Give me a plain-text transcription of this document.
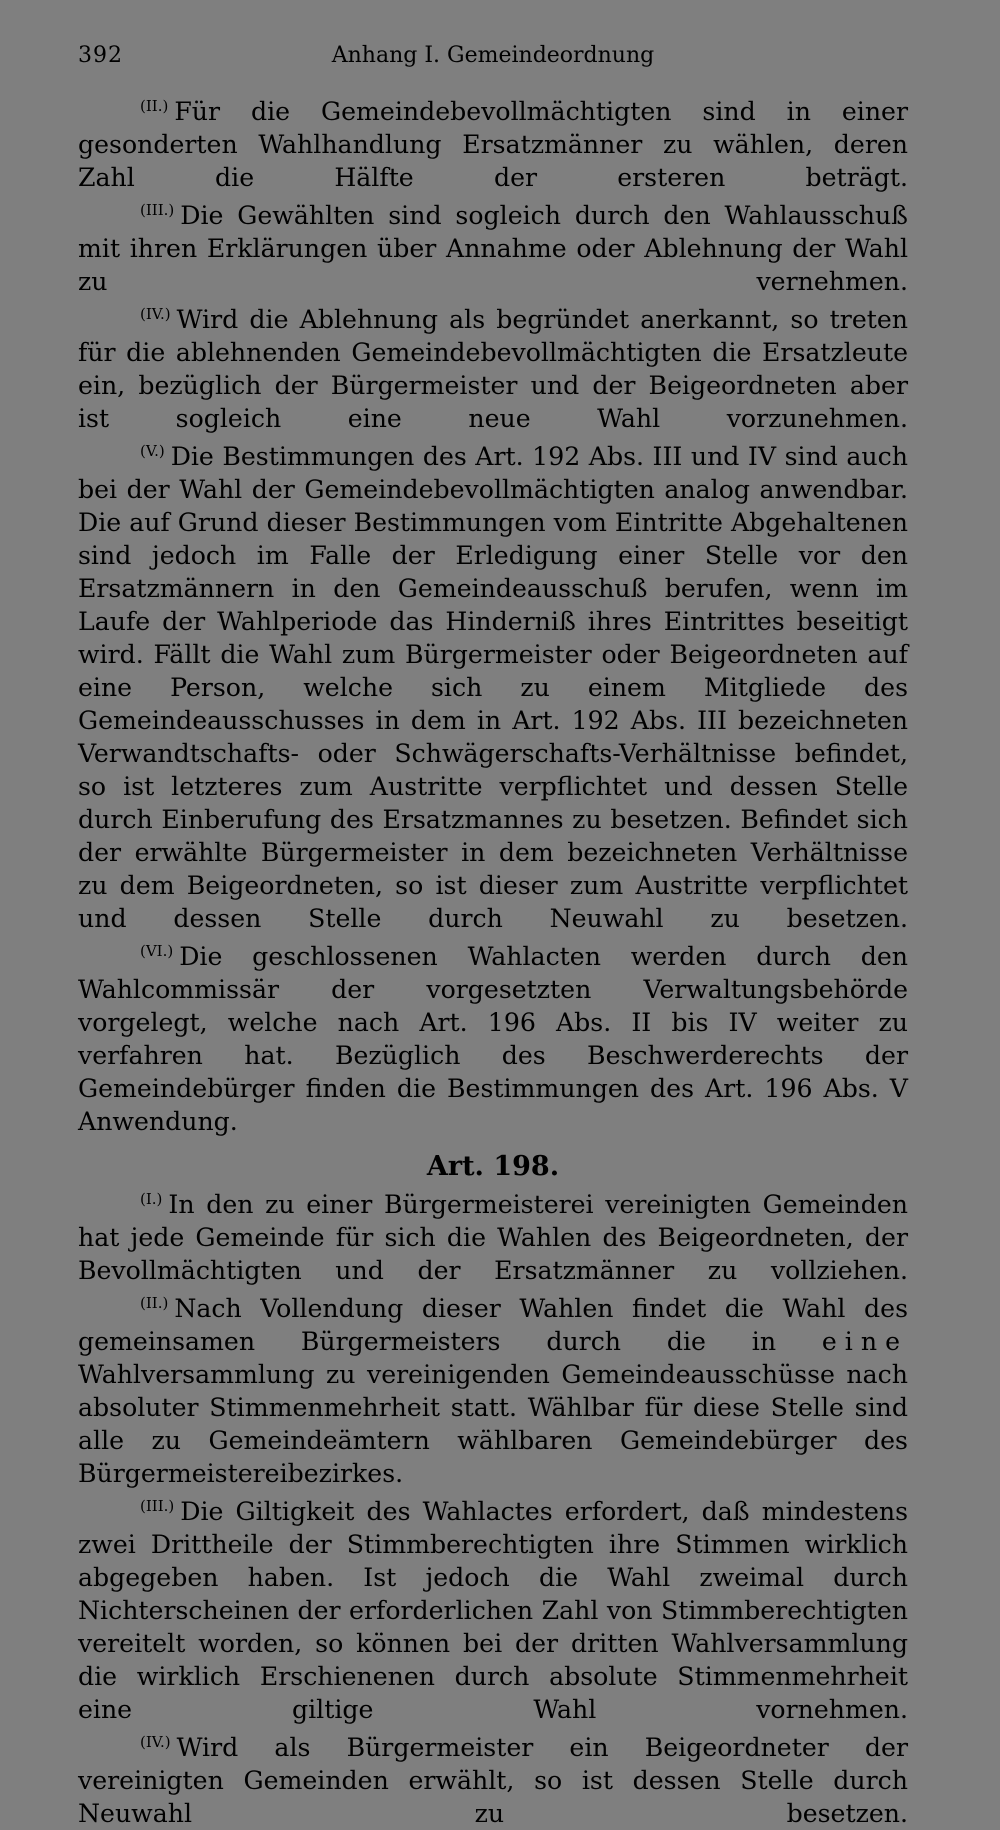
392	Anhang I. Gemeindeordnung

$^{(II.)}$ Für die Gemeindebevollmächtigten sind in einer gesonderten Wahlhandlung Ersatzmänner zu wählen, deren Zahl die Hälfte der ersteren beträgt.

$^{(III.)}$ Die Gewählten sind sogleich durch den Wahlausschuß mit ihren Erklärungen über Annahme oder Ablehnung der Wahl zu vernehmen.

$^{(IV.)}$ Wird die Ablehnung als begründet anerkannt, so treten für die ablehnenden Gemeindebevollmächtigten die Ersatzleute ein, bezüglich der Bürgermeister und der Beigeordneten aber ist sogleich eine neue Wahl vorzunehmen.

$^{(V.)}$ Die Bestimmungen des Art. 192 Abs. III und IV sind auch bei der Wahl der Gemeindebevollmächtigten analog anwendbar. Die auf Grund dieser Bestimmungen vom Eintritte Abgehaltenen sind jedoch im Falle der Erledigung einer Stelle vor den Ersatzmännern in den Gemeindeausschuß berufen, wenn im Laufe der Wahlperiode das Hinderniß ihres Eintrittes beseitigt wird. Fällt die Wahl zum Bürgermeister oder Beigeordneten auf eine Person, welche sich zu einem Mitgliede des Gemeindeausschusses in dem in Art. 192 Abs. III bezeichneten Verwandtschafts- oder Schwägerschafts-Verhältnisse befindet, so ist letzteres zum Austritte verpflichtet und dessen Stelle durch Einberufung des Ersatzmannes zu besetzen. Befindet sich der erwählte Bürgermeister in dem bezeichneten Verhältnisse zu dem Beigeordneten, so ist dieser zum Austritte verpflichtet und dessen Stelle durch Neuwahl zu besetzen.

$^{(VI.)}$ Die geschlossenen Wahlacten werden durch den Wahlcommissär der vorgesetzten Verwaltungsbehörde vorgelegt, welche nach Art. 196 Abs. II bis IV weiter zu verfahren hat. Bezüglich des Beschwerderechts der Gemeindebürger finden die Bestimmungen des Art. 196 Abs. V Anwendung.

Art. 198.

$^{(I.)}$ In den zu einer Bürgermeisterei vereinigten Gemeinden hat jede Gemeinde für sich die Wahlen des Beigeordneten, der Bevollmächtigten und der Ersatzmänner zu vollziehen.

$^{(II.)}$ Nach Vollendung dieser Wahlen findet die Wahl des gemeinsamen Bürgermeisters durch die in eine Wahlversammlung zu vereinigenden Gemeindeausschüsse nach absoluter Stimmenmehrheit statt. Wählbar für diese Stelle sind alle zu Gemeindeämtern wählbaren Gemeindebürger des Bürgermeistereibezirkes.

$^{(III.)}$ Die Giltigkeit des Wahlactes erfordert, daß mindestens zwei Drittheile der Stimmberechtigten ihre Stimmen wirklich abgegeben haben. Ist jedoch die Wahl zweimal durch Nichterscheinen der erforderlichen Zahl von Stimmberechtigten vereitelt worden, so können bei der dritten Wahlversammlung die wirklich Erschienenen durch absolute Stimmenmehrheit eine giltige Wahl vornehmen.

$^{(IV.)}$ Wird als Bürgermeister ein Beigeordneter der vereinigten Gemeinden erwählt, so ist dessen Stelle durch Neuwahl zu besetzen.
